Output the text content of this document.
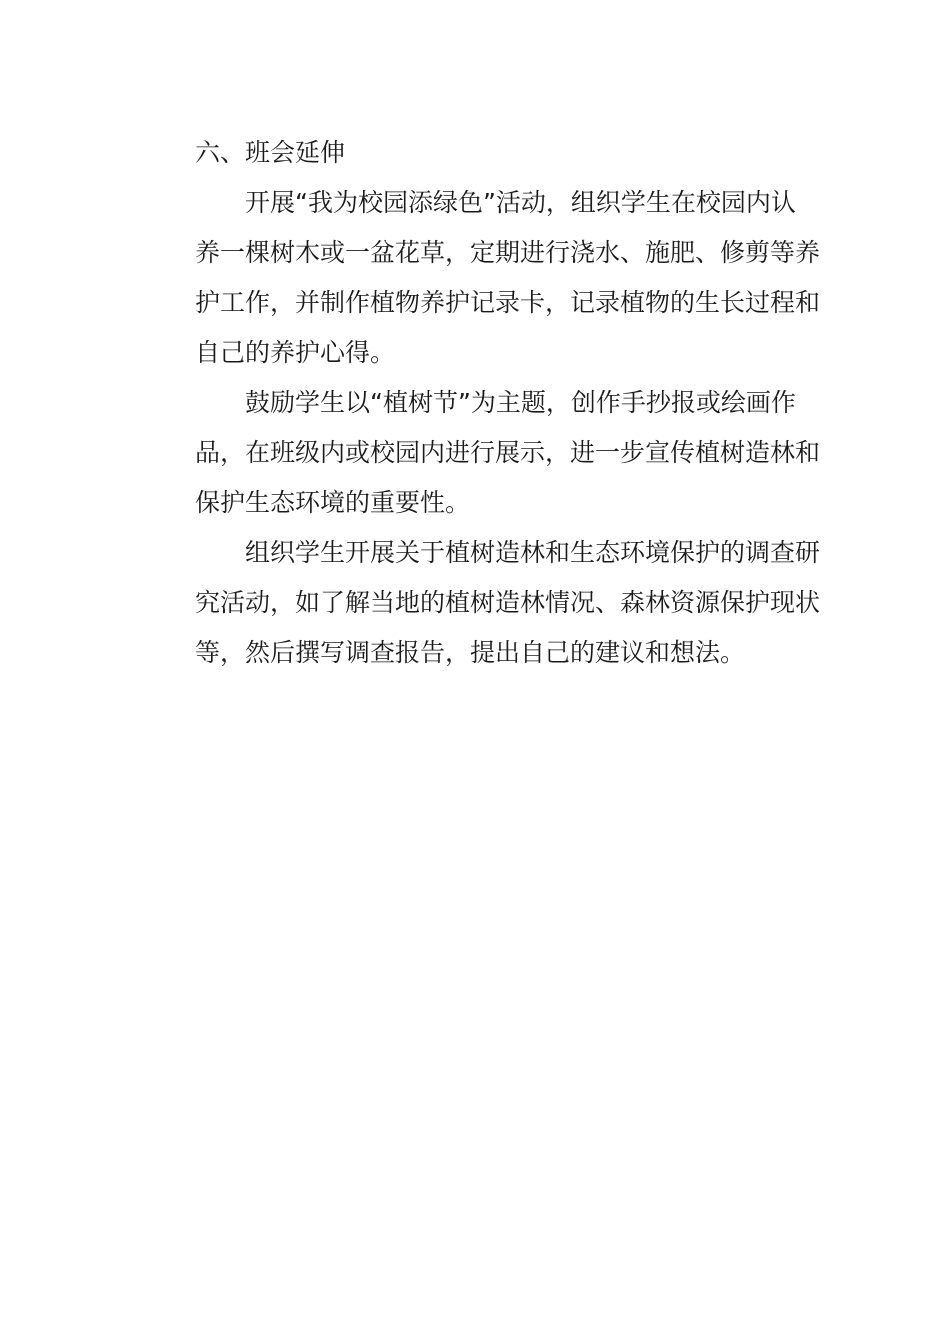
六、班会延伸
开展“我为校园添绿色”活动，组织学生在校园内认
养一棵树木或一盆花草，定期进行浇水、施肥、修剪等养
护工作，并制作植物养护记录卡，记录植物的生长过程和
自己的养护心得。
鼓励学生以“植树节”为主题，创作手抄报或绘画作
品，在班级内或校园内进行展示，进一步宣传植树造林和
保护生态环境的重要性。
组织学生开展关于植树造林和生态环境保护的调查研
究活动，如了解当地的植树造林情况、森林资源保护现状
等，然后撰写调查报告，提出自己的建议和想法。
